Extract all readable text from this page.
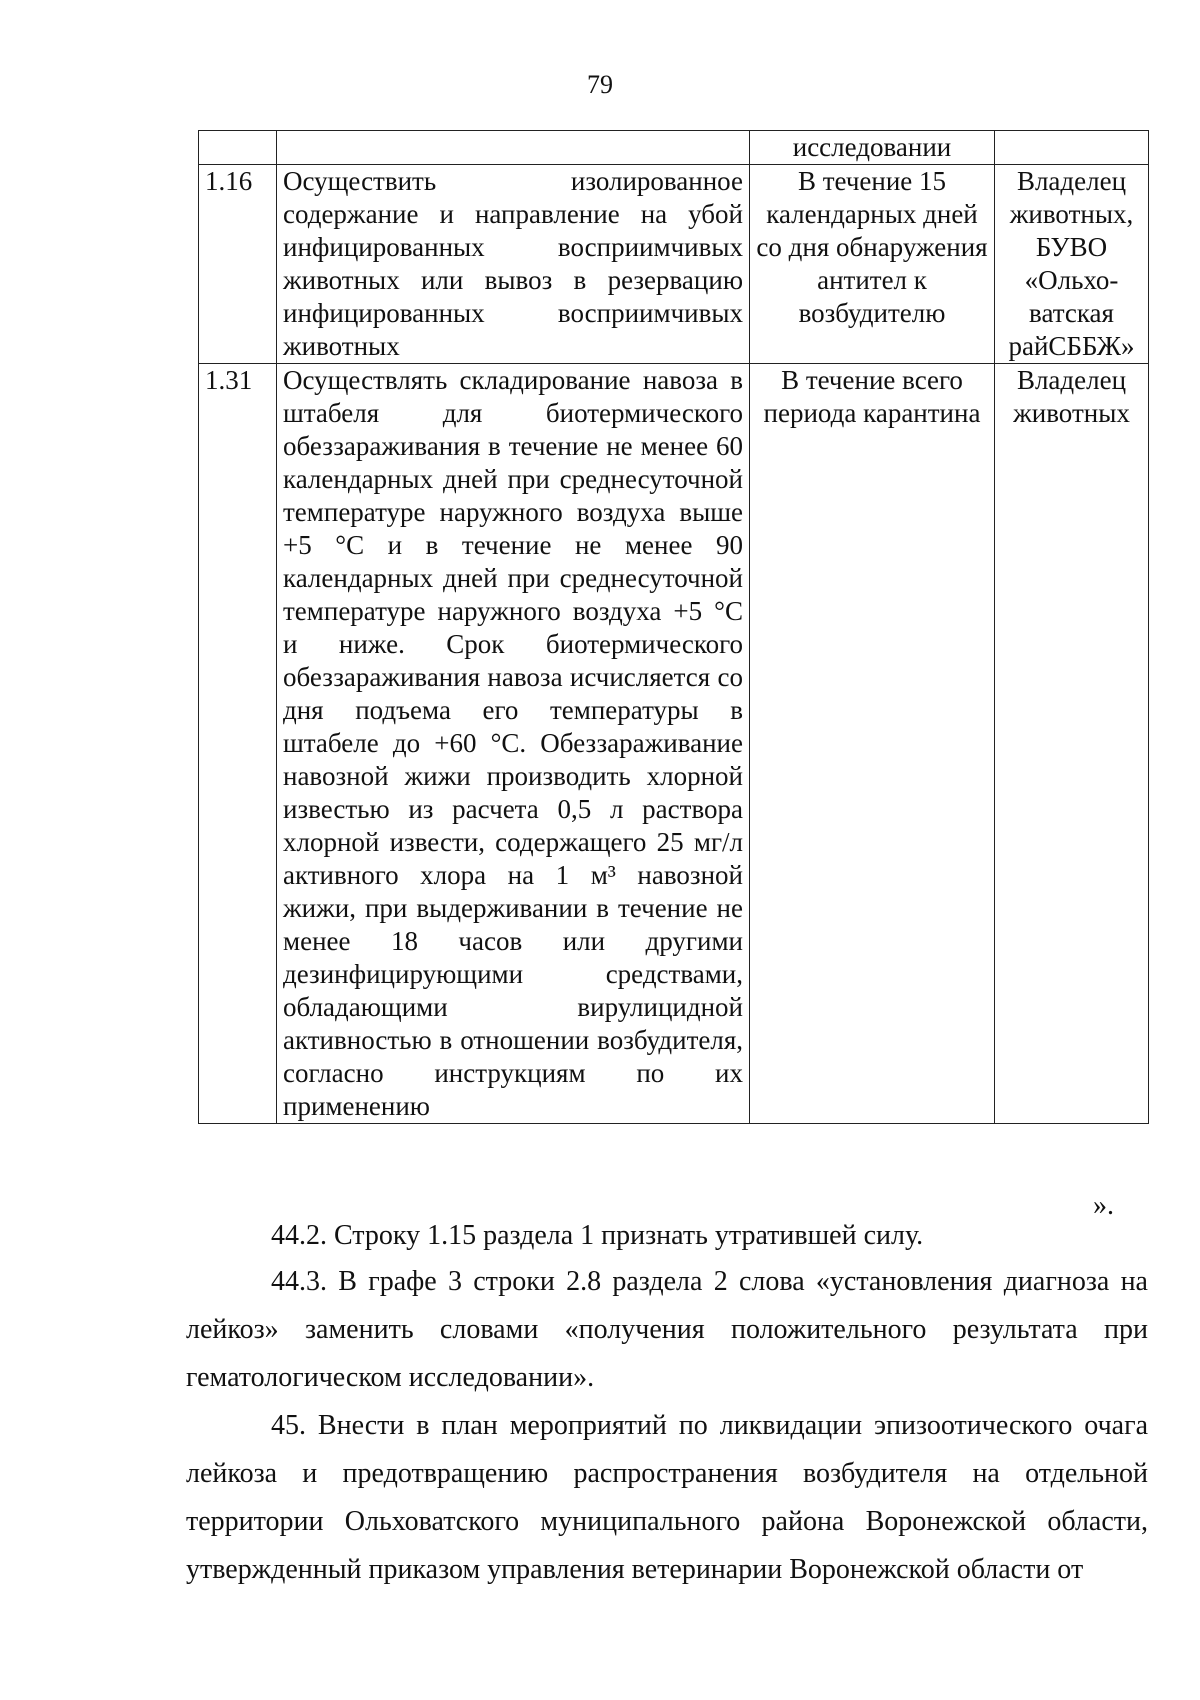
79
		исследовании	
1.16	Осуществить изолированное содержание и направление на убой инфицированных восприимчивых животных или вывоз в резервацию инфицированных восприимчивых животных	В течение 15 календарных дней со дня обнаружения антител к возбудителю	Владелец животных, БУВО «Ольхо-ватская райСББЖ»
1.31	Осуществлять складирование навоза в штабеля для биотермического обеззараживания в течение не менее 60 календарных дней при среднесуточной температуре наружного воздуха выше +5 °С и в течение не менее 90 календарных дней при среднесуточной температуре наружного воздуха +5 °С и ниже. Срок биотермического обеззараживания навоза исчисляется со дня подъема его температуры в штабеле до +60 °С. Обеззараживание навозной жижи производить хлорной известью из расчета 0,5 л раствора хлорной извести, содержащего 25 мг/л активного хлора на 1 м³ навозной жижи, при выдерживании в течение не менее 18 часов или другими дезинфицирующими средствами, обладающими вирулицидной активностью в отношении возбудителя, согласно инструкциям по их применению	В течение всего периода карантина	Владелец животных
».

44.2. Строку 1.15 раздела 1 признать утратившей силу.

44.3. В графе 3 строки 2.8 раздела 2 слова «установления диагноза на лейкоз» заменить словами «получения положительного результата при гематологическом исследовании».

45. Внести в план мероприятий по ликвидации эпизоотического очага лейкоза и предотвращению распространения возбудителя на отдельной территории Ольховатского муниципального района Воронежской области, утвержденный приказом управления ветеринарии Воронежской области от
